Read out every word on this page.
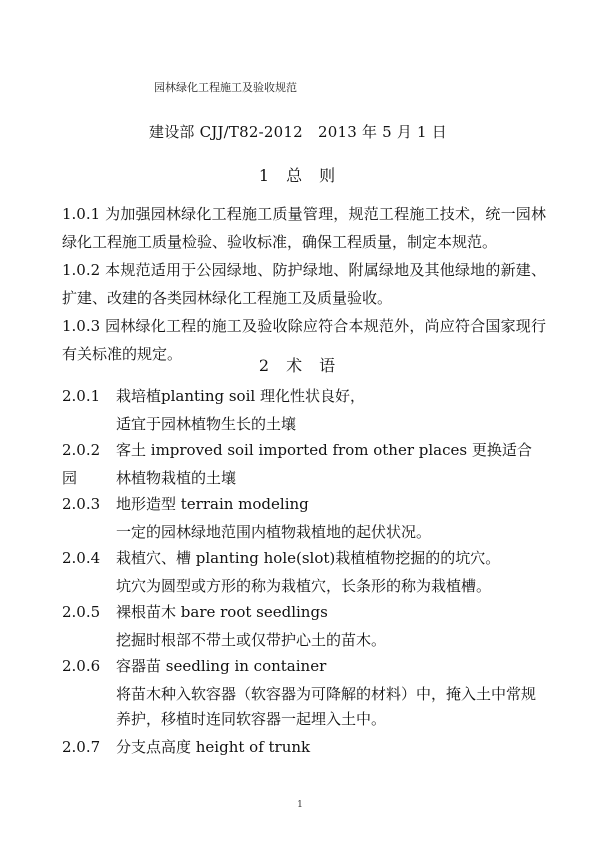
园林绿化工程施工及验收规范
建设部 CJJ/T82-2012　2013 年 5 月 1 日
1 总 则
1.0.1 为加强园林绿化工程施工质量管理，规范工程施工技术，统一园林绿化工程施工质量检验、验收标准，确保工程质量，制定本规范。
1.0.2 本规范适用于公园绿地、防护绿地、附属绿地及其他绿地的新建、扩建、改建的各类园林绿化工程施工及质量验收。
1.0.3 园林绿化工程的施工及验收除应符合本规范外，尚应符合国家现行有关标准的规定。
2 术 语
2.0.1 栽培植planting soil 理化性状良好，
适宜于园林植物生长的土壤
2.0.2 客土 improved soil imported from other places 更换适合园	林植物栽植的土壤
2.0.3 地形造型 terrain modeling
一定的园林绿地范围内植物栽植地的起伏状况。
2.0.4 栽植穴、槽 planting hole(slot)栽植植物挖掘的的坑穴。
坑穴为圆型或方形的称为栽植穴，长条形的称为栽植槽。
2.0.5 裸根苗木 bare root seedlings
挖掘时根部不带土或仅带护心土的苗木。
2.0.6 容器苗 seedling in container
将苗木种入软容器（软容器为可降解的材料）中，掩入土中常规
养护，移植时连同软容器一起埋入土中。
2.0.7 分支点高度 height of trunk
1
